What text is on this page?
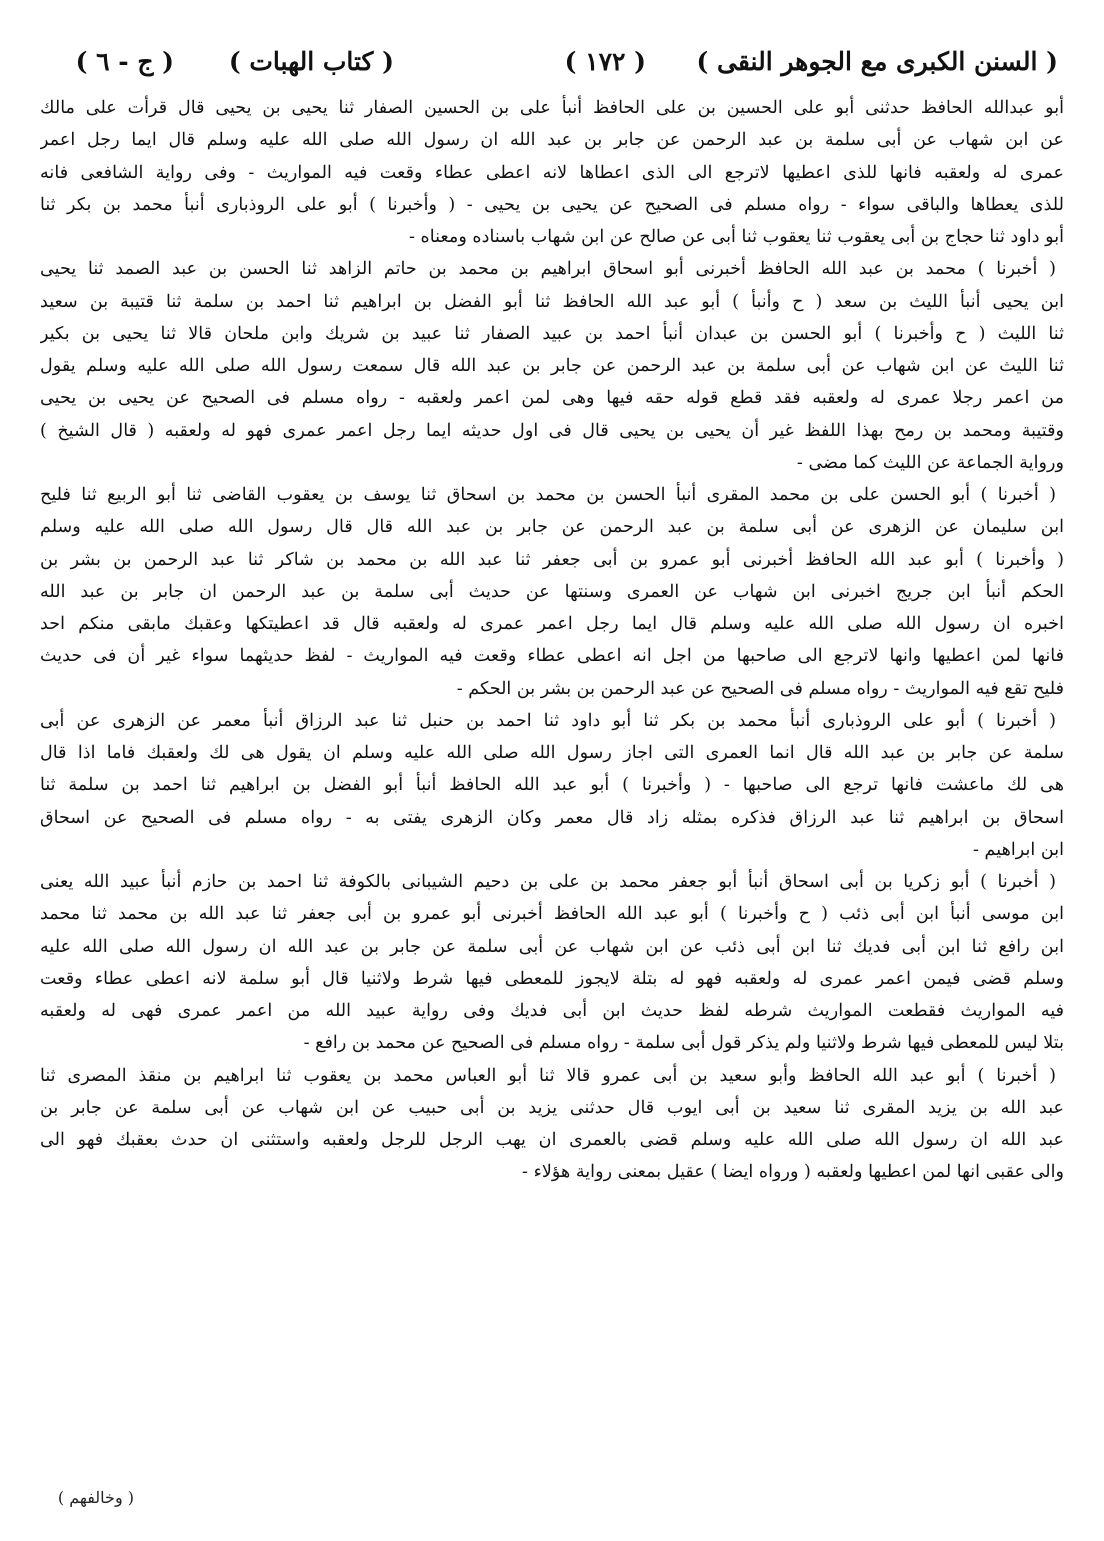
( السنن الكبرى مع الجوهر النقى )
( ١٧٢ )
( كتاب الهبات )
( ج - ٦ )
أبو عبدالله الحافظ حدثنى أبو على الحسين بن على الحافظ أنبأ على بن الحسين الصفار ثنا يحيى بن يحيى قال قرأت على مالك
عن ابن شهاب عن أبى سلمة بن عبد الرحمن عن جابر بن عبد الله ان رسول الله صلى الله عليه وسلم قال ايما رجل اعمر
عمرى له ولعقبه فانها للذى اعطيها لاترجع الى الذى اعطاها لانه اعطى عطاء وقعت فيه المواريث - وفى رواية الشافعى فانه
للذى يعطاها والباقى سواء - رواه مسلم فى الصحيح عن يحيى بن يحيى - ( وأخبرنا ) أبو على الروذبارى أنبأ محمد بن بكر ثنا
أبو داود ثنا حجاج بن أبى يعقوب ثنا يعقوب ثنا أبى عن صالح عن ابن شهاب باسناده ومعناه -
( أخبرنا ) محمد بن عبد الله الحافظ أخبرنى أبو اسحاق ابراهيم بن محمد بن حاتم الزاهد ثنا الحسن بن عبد الصمد ثنا يحيى
ابن يحيى أنبأ الليث بن سعد ( ح وأنبأ ) أبو عبد الله الحافظ ثنا أبو الفضل بن ابراهيم ثنا احمد بن سلمة ثنا قتيبة بن سعيد
ثنا الليث ( ح وأخبرنا ) أبو الحسن بن عبدان أنبأ احمد بن عبيد الصفار ثنا عبيد بن شريك وابن ملحان قالا ثنا يحيى بن بكير
ثنا الليث عن ابن شهاب عن أبى سلمة بن عبد الرحمن عن جابر بن عبد الله قال سمعت رسول الله صلى الله عليه وسلم يقول
من اعمر رجلا عمرى له ولعقبه فقد قطع قوله حقه فيها وهى لمن اعمر ولعقبه - رواه مسلم فى الصحيح عن يحيى بن يحيى
وقتيبة ومحمد بن رمح بهذا اللفظ غير أن يحيى بن يحيى قال فى اول حديثه ايما رجل اعمر عمرى فهو له ولعقبه ( قال الشيخ )
ورواية الجماعة عن الليث كما مضى -
( أخبرنا ) أبو الحسن على بن محمد المقرى أنبأ الحسن بن محمد بن اسحاق ثنا يوسف بن يعقوب القاضى ثنا أبو الربيع ثنا فليح
ابن سليمان عن الزهرى عن أبى سلمة بن عبد الرحمن عن جابر بن عبد الله قال قال رسول الله صلى الله عليه وسلم
( وأخبرنا ) أبو عبد الله الحافظ أخبرنى أبو عمرو بن أبى جعفر ثنا عبد الله بن محمد بن شاكر ثنا عبد الرحمن بن بشر بن
الحكم أنبأ ابن جريج اخبرنى ابن شهاب عن العمرى وسنتها عن حديث أبى سلمة بن عبد الرحمن ان جابر بن عبد الله
اخبره ان رسول الله صلى الله عليه وسلم قال ايما رجل اعمر عمرى له ولعقبه قال قد اعطيتكها وعقبك مابقى منكم احد
فانها لمن اعطيها وانها لاترجع الى صاحبها من اجل انه اعطى عطاء وقعت فيه المواريث - لفظ حديثهما سواء غير أن فى حديث
فليح تقع فيه المواريث - رواه مسلم فى الصحيح عن عبد الرحمن بن بشر بن الحكم -
( أخبرنا ) أبو على الروذبارى أنبأ محمد بن بكر ثنا أبو داود ثنا احمد بن حنبل ثنا عبد الرزاق أنبأ معمر عن الزهرى عن أبى
سلمة عن جابر بن عبد الله قال انما العمرى التى اجاز رسول الله صلى الله عليه وسلم ان يقول هى لك ولعقبك فاما اذا قال
هى لك ماعشت فانها ترجع الى صاحبها - ( وأخبرنا ) أبو عبد الله الحافظ أنبأ أبو الفضل بن ابراهيم ثنا احمد بن سلمة ثنا
اسحاق بن ابراهيم ثنا عبد الرزاق فذكره بمثله زاد قال معمر وكان الزهرى يفتى به - رواه مسلم فى الصحيح عن اسحاق
ابن ابراهيم -
( أخبرنا ) أبو زكريا بن أبى اسحاق أنبأ أبو جعفر محمد بن على بن دحيم الشيبانى بالكوفة ثنا احمد بن حازم أنبأ عبيد الله يعنى
ابن موسى أنبأ ابن أبى ذئب ( ح وأخبرنا ) أبو عبد الله الحافظ أخبرنى أبو عمرو بن أبى جعفر ثنا عبد الله بن محمد ثنا محمد
ابن رافع ثنا ابن أبى فديك ثنا ابن أبى ذئب عن ابن شهاب عن أبى سلمة عن جابر بن عبد الله ان رسول الله صلى الله عليه
وسلم قضى فيمن اعمر عمرى له ولعقبه فهو له بتلة لايجوز للمعطى فيها شرط ولاثنيا قال أبو سلمة لانه اعطى عطاء وقعت
فيه المواريث فقطعت المواريث شرطه لفظ حديث ابن أبى فديك وفى رواية عبيد الله من اعمر عمرى فهى له ولعقبه
بتلا ليس للمعطى فيها شرط ولاثنيا ولم يذكر قول أبى سلمة - رواه مسلم فى الصحيح عن محمد بن رافع -
( أخبرنا ) أبو عبد الله الحافظ وأبو سعيد بن أبى عمرو قالا ثنا أبو العباس محمد بن يعقوب ثنا ابراهيم بن منقذ المصرى ثنا
عبد الله بن يزيد المقرى ثنا سعيد بن أبى ايوب قال حدثنى يزيد بن أبى حبيب عن ابن شهاب عن أبى سلمة عن جابر بن
عبد الله ان رسول الله صلى الله عليه وسلم قضى بالعمرى ان يهب الرجل للرجل ولعقبه واستثنى ان حدث بعقبك فهو الى
والى عقبى انها لمن اعطيها ولعقبه ( ورواه ايضا ) عقيل بمعنى رواية هؤلاء -
( وخالفهم )
